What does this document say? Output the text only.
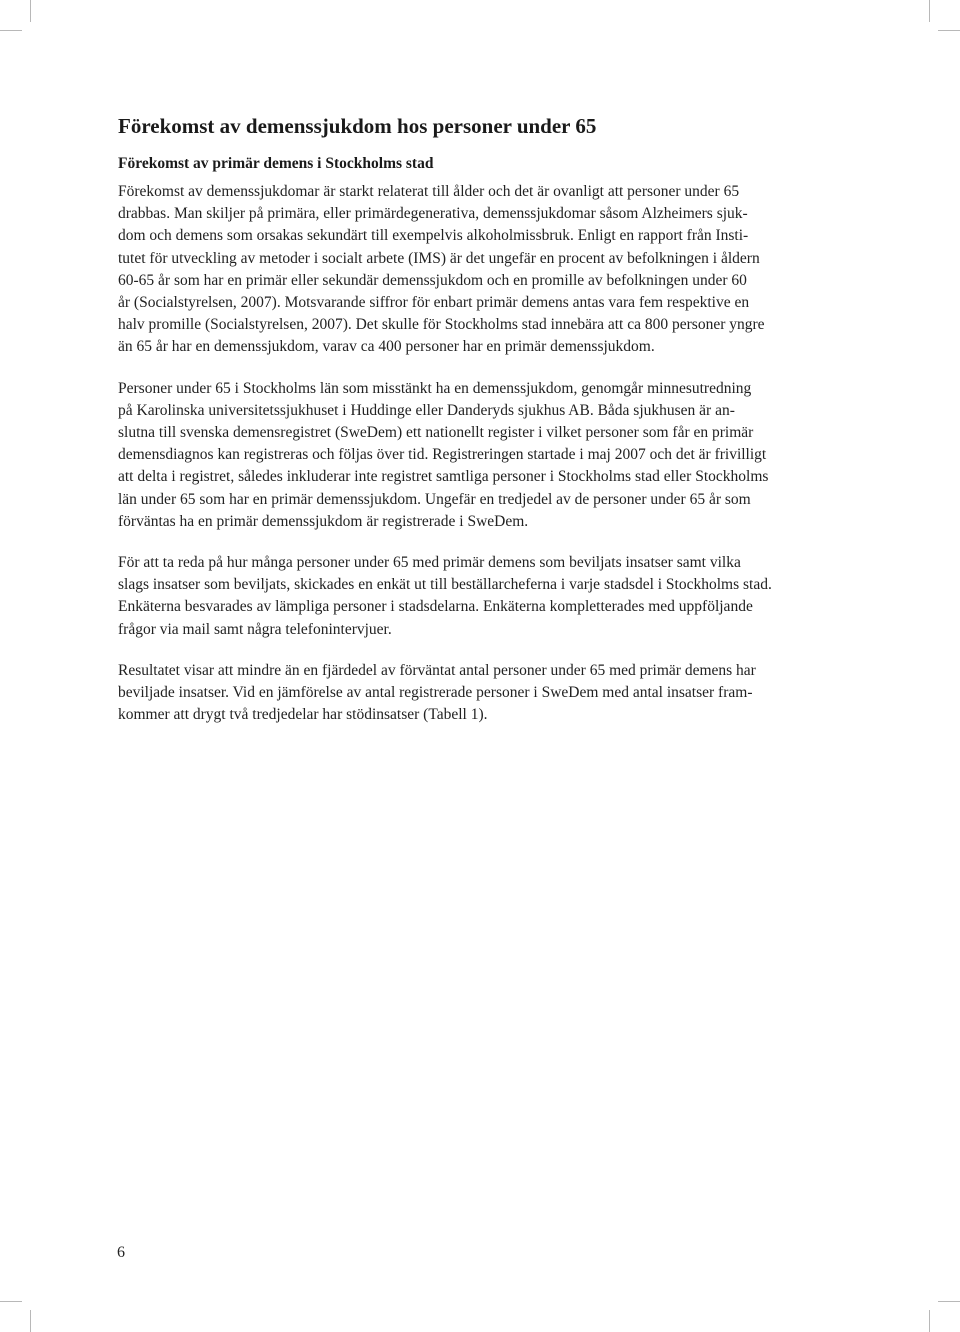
Förekomst av demenssjukdom hos personer under 65
Förekomst av primär demens i Stockholms stad

Förekomst av demenssjukdomar är starkt relaterat till ålder och det är ovanligt att personer under 65
drabbas. Man skiljer på primära, eller primärdegenerativa, demenssjukdomar såsom Alzheimers sjuk-
dom och demens som orsakas sekundärt till exempelvis alkoholmissbruk. Enligt en rapport från Insti-
tutet för utveckling av metoder i socialt arbete (IMS) är det ungefär en procent av befolkningen i åldern
60-65 år som har en primär eller sekundär demenssjukdom och en promille av befolkningen under 60
år (Socialstyrelsen, 2007). Motsvarande siffror för enbart primär demens antas vara fem respektive en
halv promille (Socialstyrelsen, 2007). Det skulle för Stockholms stad innebära att ca 800 personer yngre
än 65 år har en demenssjukdom, varav ca 400 personer har en primär demenssjukdom.

Personer under 65 i Stockholms län som misstänkt ha en demenssjukdom, genomgår minnesutredning
på Karolinska universitetssjukhuset i Huddinge eller Danderyds sjukhus AB. Båda sjukhusen är an-
slutna till svenska demensregistret (SweDem) ett nationellt register i vilket personer som får en primär
demensdiagnos kan registreras och följas över tid. Registreringen startade i maj 2007 och det är frivilligt
att delta i registret, således inkluderar inte registret samtliga personer i Stockholms stad eller Stockholms
län under 65 som har en primär demenssjukdom. Ungefär en tredjedel av de personer under 65 år som
förväntas ha en primär demenssjukdom är registrerade i SweDem.

För att ta reda på hur många personer under 65 med primär demens som beviljats insatser samt vilka
slags insatser som beviljats, skickades en enkät ut till beställarcheferna i varje stadsdel i Stockholms stad.
Enkäterna besvarades av lämpliga personer i stadsdelarna. Enkäterna kompletterades med uppföljande
frågor via mail samt några telefonintervjuer.

Resultatet visar att mindre än en fjärdedel av förväntat antal personer under 65 med primär demens har
beviljade insatser. Vid en jämförelse av antal registrerade personer i SweDem med antal insatser fram-
kommer att drygt två tredjedelar har stödinsatser (Tabell 1).

6
